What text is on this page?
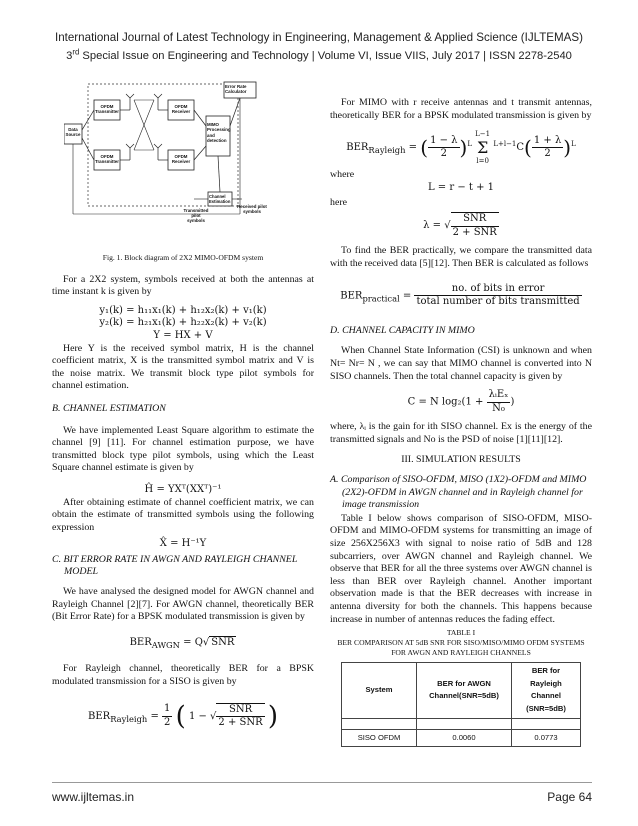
International Journal of Latest Technology in Engineering, Management & Applied Science (IJLTEMAS)
3rd Special Issue on Engineering and Technology | Volume VI, Issue VIIS, July 2017 | ISSN 2278-2540
Data Source
OFDM Transmitter
OFDM Transmitter
OFDM Receiver
OFDM Receiver
MIMO Processing and detection
Error Rate Calculator
Channel Estimation
Transmitted pilot symbols
Received pilot symbols
Fig. 1. Block diagram of 2X2 MIMO-OFDM system

For a 2X2 system, symbols received at both the antennas at time instant k is given by

y₁(k) = h₁₁x₁(k) + h₁₂x₂(k) + v₁(k)
y₂(k) = h₂₁x₁(k) + h₂₂x₂(k) + v₂(k)
Y = HX + V

Here Y is the received symbol matrix, H is the channel coefficient matrix, X is the transmitted symbol matrix and V is the noise matrix. We transmit block type pilot symbols for channel estimation.

B. CHANNEL ESTIMATION

We have implemented Least Square algorithm to estimate the channel [9] [11]. For channel estimation purpose, we have transmitted block type pilot symbols, using which the Least Square channel estimate is given by

Ĥ = YXᵀ(XXᵀ)⁻¹

After obtaining estimate of channel coefficient matrix, we can obtain the estimate of transmitted symbols using the following expression

X̂ = H⁻¹Y
C. BIT ERROR RATE IN AWGN AND RAYLEIGH CHANNEL MODEL

We have analysed the designed model for AWGN channel and Rayleigh Channel [2][7]. For AWGN channel, theoretically BER (Bit Error Rate) for a BPSK modulated transmission is given by

$BER_{AWGN} = Q√$ SNR

For Rayleigh channel, theoretically BER for a BPSK modulated transmission for a SISO is given by

$BER_{Rayleigh} = \frac{1}{2}$ ( 1 − √ $\frac{\text{SNR}}{\text{2 + SNR}}$ )

For MIMO with r receive antennas and t transmit antennas, theoretically BER for a BPSK modulated transmission is given by

$BER_{Rayleigh}$ = ( $\frac{1 - \lambda}{2} )^L$
L−1
Σ
l=0
$^{L+l-1}C( \frac{1 + \lambda}{2} )^L$
where
L = r − t + 1
here
λ = √ $\frac{\text{SNR}}{\text{2 + SNR}}$

To find the BER practically, we compare the transmitted data with the received data [5][12]. Then BER is calculated as follows

$BER_{practical} = \frac{\text{no. of bits in error}}{\text{total number of bits transmitted}}$
D. CHANNEL CAPACITY IN MIMO

When Channel State Information (CSI) is unknown and when Nt= Nr= N , we can say that MIMO channel is converted into N SISO channels. Then the total channel capacity is given by

C = N $\log_2(1 + \frac{\text{λᵢEₓ}}{\text{N₀}}$ )

where, λᵢ is the gain for ith SISO channel. Ex is the energy of the transmitted signals and No is the PSD of noise [1][11][12].

III. SIMULATION RESULTS
A. Comparison of SISO-OFDM, MISO (1X2)-OFDM and MIMO (2X2)-OFDM in AWGN channel and in Rayleigh channel for image transmission

Table I below shows comparison of SISO-OFDM, MISO-OFDM and MIMO-OFDM systems for transmitting an image of size 256X256X3 with signal to noise ratio of 5dB and 128 subcarriers, over AWGN channel and Rayleigh channel. We observe that BER for all the three systems over AWGN channel is less than BER over Rayleigh channel. Another important observation made is that the BER decreases with increase in antenna diversity for both the channels. This happens because increase in number of antennas reduces the fading effect.

TABLE I
BER COMPARISON AT 5dB SNR FOR SISO/MISO/MIMO OFDM SYSTEMS FOR AWGN AND RAYLEIGH CHANNELS
System	BER for AWGN Channel(SNR=5dB)	BER for Rayleigh Channel (SNR=5dB)

SISO OFDM	0.0060	0.0773
www.ijltemas.in	Page 64
